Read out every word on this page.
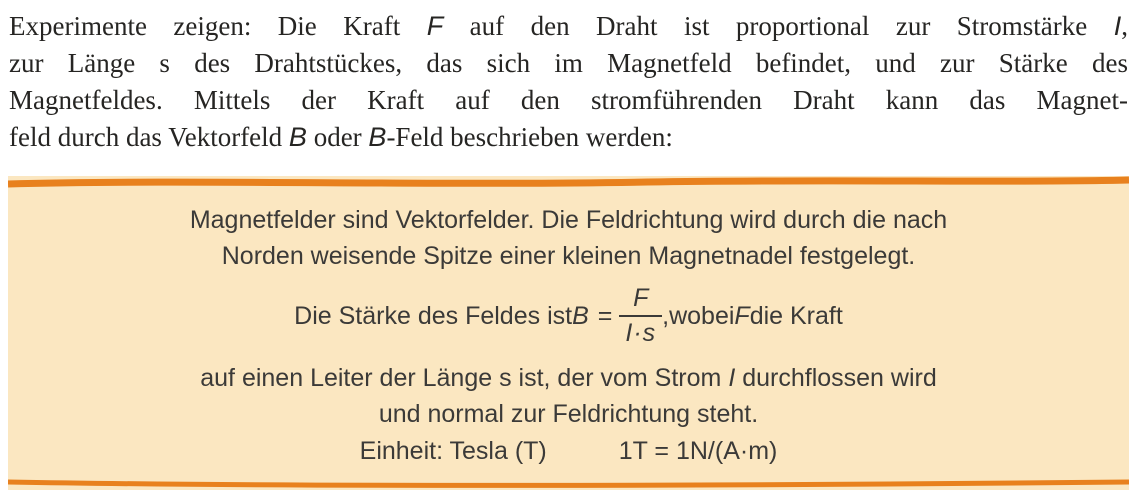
Experimente zeigen: Die Kraft F auf den Draht ist proportional zur Stromstärke I,
zur Länge s des Drahtstückes, das sich im Magnetfeld befindet, und zur Stärke des
Magnetfeldes. Mittels der Kraft auf den stromführenden Draht kann das Magnet-
feld durch das Vektorfeld B oder B-Feld beschrieben werden:

Magnetfelder sind Vektorfelder. Die Feldrichtung wird durch die nach
Norden weisende Spitze einer kleinen Magnetnadel festgelegt.
Die Stärke des Feldes ist $B = \frac{F}{I\cdot s}$ ,wobei F die Kraft
auf einen Leiter der Länge s ist, der vom Strom I durchflossen wird
und normal zur Feldrichtung steht.
Einheit: Tesla (T)	1T = 1N/(A·m)
